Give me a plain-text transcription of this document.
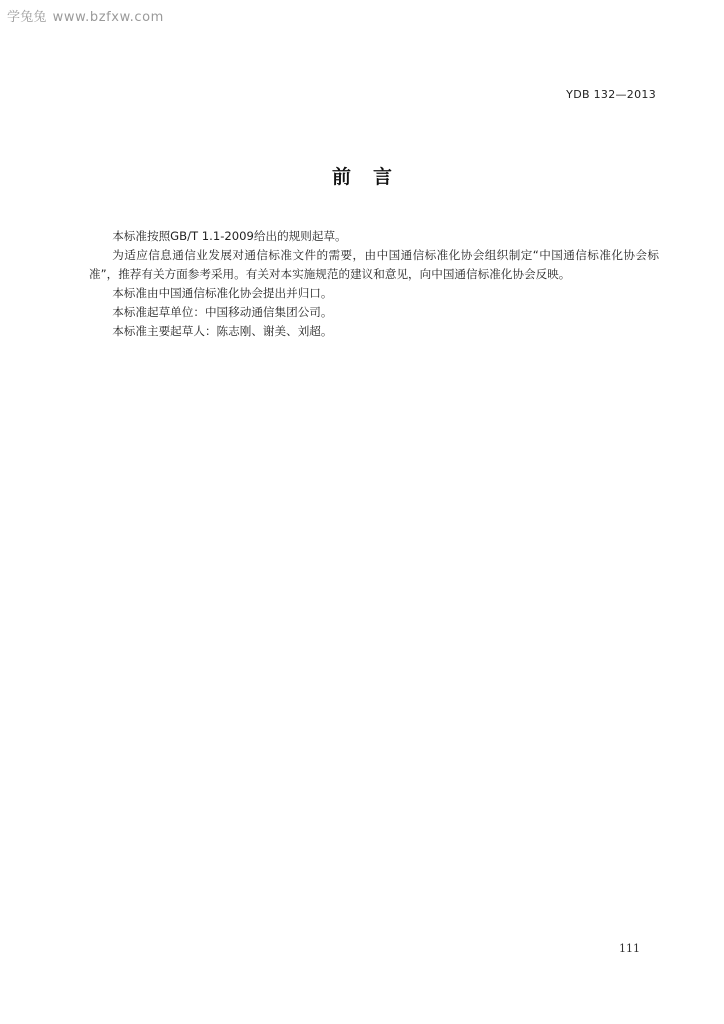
学兔兔 www.bzfxw.com
YDB 132—2013
前言

本标准按照GB/T 1.1-2009给出的规则起草。

为适应信息通信业发展对通信标准文件的需要，由中国通信标准化协会组织制定“中国通信标准化协会标准”，推荐有关方面参考采用。有关对本实施规范的建议和意见，向中国通信标准化协会反映。

本标准由中国通信标准化协会提出并归口。

本标准起草单位：中国移动通信集团公司。

本标准主要起草人：陈志刚、谢美、刘超。

111
